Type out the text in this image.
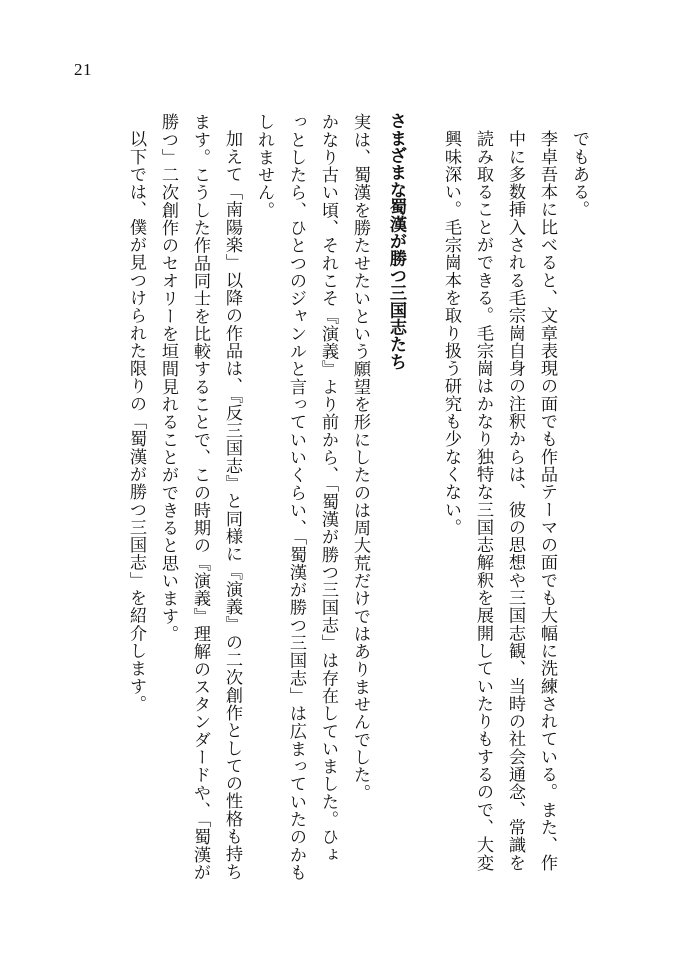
21
でもある。
李卓吾本に比べると、文章表現の面でも作品テーマの面でも大幅に洗練されている。また、作
中に多数挿入される毛宗崗自身の注釈からは、彼の思想や三国志観、当時の社会通念、常識を
読み取ることができる。毛宗崗はかなり独特な三国志解釈を展開していたりもするので、大変
興味深い。毛宗崗本を取り扱う研究も少なくない。
さまざまな蜀漢が勝つ三国志たち
実は、蜀漢を勝たせたいという願望を形にしたのは周大荒だけではありませんでした。
かなり古い頃、それこそ『演義』より前から、「蜀漢が勝つ三国志」は存在していました。ひょ
っとしたら、ひとつのジャンルと言っていいくらい、「蜀漢が勝つ三国志」は広まっていたのかも
しれません。
加えて「南陽楽」以降の作品は、『反三国志』と同様に『演義』の二次創作としての性格も持ち
ます。こうした作品同士を比較することで、この時期の『演義』理解のスタンダードや、「蜀漢が
勝つ」二次創作のセオリーを垣間見れることができると思います。
以下では、僕が見つけられた限りの「蜀漢が勝つ三国志」を紹介します。
